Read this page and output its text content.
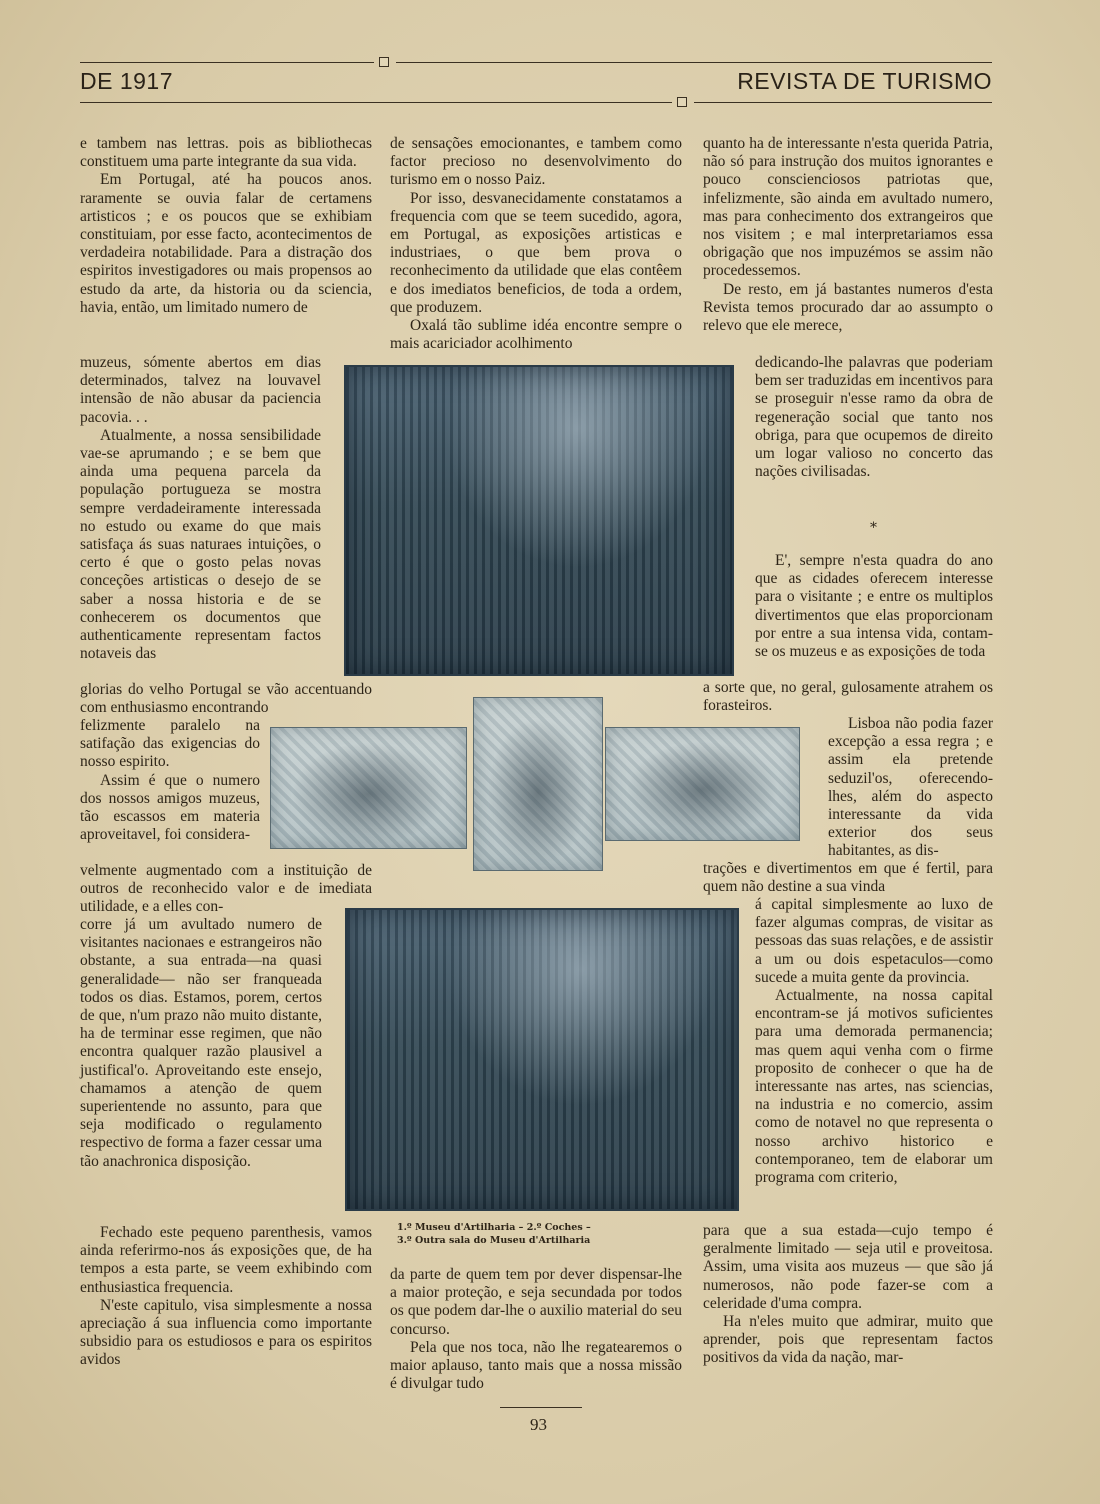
DE 1917	REVISTA DE TURISMO

e tambem nas lettras. pois as bibliothecas constituem uma parte integrante da sua vida.

Em Portugal, até ha poucos anos. raramente se ouvia falar de certamens artisticos ; e os poucos que se exhibiam constituiam, por esse facto, acontecimentos de verdadeira notabilidade. Para a distração dos espiritos investigadores ou mais propensos ao estudo da arte, da historia ou da sciencia, havia, então, um limitado numero de

muzeus, sómente abertos em dias determinados, talvez na louvavel intensão de não abusar da paciencia pacovia. . .

Atualmente, a nossa sensibilidade vae-se aprumando ; e se bem que ainda uma pequena parcela da população portugueza se mostra sempre verdadeiramente interessada no estudo ou exame do que mais satisfaça ás suas naturaes intuições, o certo é que o gosto pelas novas conceções artisticas o desejo de se saber a nossa historia e de se conhecerem os documentos que authenticamente representam factos notaveis das

glorias do velho Portugal se vão accentuando com enthusiasmo encontrando

felizmente paralelo na satifação das exigencias do nosso espirito.

Assim é que o numero dos nossos amigos muzeus, tão escassos em materia aproveitavel, foi considera-

velmente augmentado com a instituição de outros de reconhecido valor e de imediata utilidade, e a elles con-

corre já um avultado numero de visitantes nacionaes e estrangeiros não obstante, a sua entrada—na quasi generalidade— não ser franqueada todos os dias. Estamos, porem, certos de que, n'um prazo não muito distante, ha de terminar esse regimen, que não encontra qualquer razão plausivel a justifical'o. Aproveitando este ensejo, chamamos a atenção de quem superientende no assunto, para que seja modificado o regulamento respectivo de forma a fazer cessar uma tão anachronica disposição.

Fechado este pequeno parenthesis, vamos ainda referirmo-nos ás exposições que, de ha tempos a esta parte, se veem exhibindo com enthusiastica frequencia.

N'este capitulo, visa simplesmente a nossa apreciação á sua influencia como importante subsidio para os estudiosos e para os espiritos avidos

de sensações emocionantes, e tambem como factor precioso no desenvolvimento do turismo em o nosso Paiz.

Por isso, desvanecidamente constatamos a frequencia com que se teem sucedido, agora, em Portugal, as exposições artisticas e industriaes, o que bem prova o reconhecimento da utilidade que elas contêem e dos imediatos beneficios, de toda a ordem, que produzem.

Oxalá tão sublime idéa encontre sempre o mais acariciador acolhimento

da parte de quem tem por dever dispensar-lhe a maior proteção, e seja secundada por todos os que podem dar-lhe o auxilio material do seu concurso.

Pela que nos toca, não lhe regatearemos o maior aplauso, tanto mais que a nossa missão é divulgar tudo

quanto ha de interessante n'esta querida Patria, não só para instrução dos muitos ignorantes e pouco conscienciosos patriotas que, infelizmente, são ainda em avultado numero, mas para conhecimento dos extrangeiros que nos visitem ; e mal interpretariamos essa obrigação que nos impuzémos se assim não procedessemos.

De resto, em já bastantes numeros d'esta Revista temos procurado dar ao assumpto o relevo que ele merece,

dedicando-lhe palavras que poderiam bem ser traduzidas em incentivos para se proseguir n'esse ramo da obra de regeneração social que tanto nos obriga, para que ocupemos de direito um logar valioso no concerto das nações civilisadas.

*

E', sempre n'esta quadra do ano que as cidades oferecem interesse para o visitante ; e entre os multiplos divertimentos que elas proporcionam por entre a sua intensa vida, contam-se os muzeus e as exposições de toda

a sorte que, no geral, gulosamente atrahem os forasteiros.

Lisboa não podia fazer excepção a essa regra ; e assim ela pretende seduzil'os, oferecendo-lhes, além do aspecto interessante da vida exterior dos seus habitantes, as dis-

trações e divertimentos em que é fertil, para quem não destine a sua vinda

á capital simplesmente ao luxo de fazer algumas compras, de visitar as pessoas das suas relações, e de assistir a um ou dois espetaculos—como sucede a muita gente da provincia.

Actualmente, na nossa capital encontram-se já motivos suficientes para uma demorada permanencia; mas quem aqui venha com o firme proposito de conhecer o que ha de interessante nas artes, nas sciencias, na industria e no comercio, assim como de notavel no que representa o nosso archivo historico e contemporaneo, tem de elaborar um programa com criterio,

para que a sua estada—cujo tempo é geralmente limitado — seja util e proveitosa. Assim, uma visita aos muzeus — que são já numerosos, não pode fazer-se com a celeridade d'uma compra.

Ha n'eles muito que admirar, muito que aprender, pois que representam factos positivos da vida da nação, mar-

1.º Museu d'Artilharia – 2.º Coches –
3.º Outra sala do Museu d'Artilharia
93
